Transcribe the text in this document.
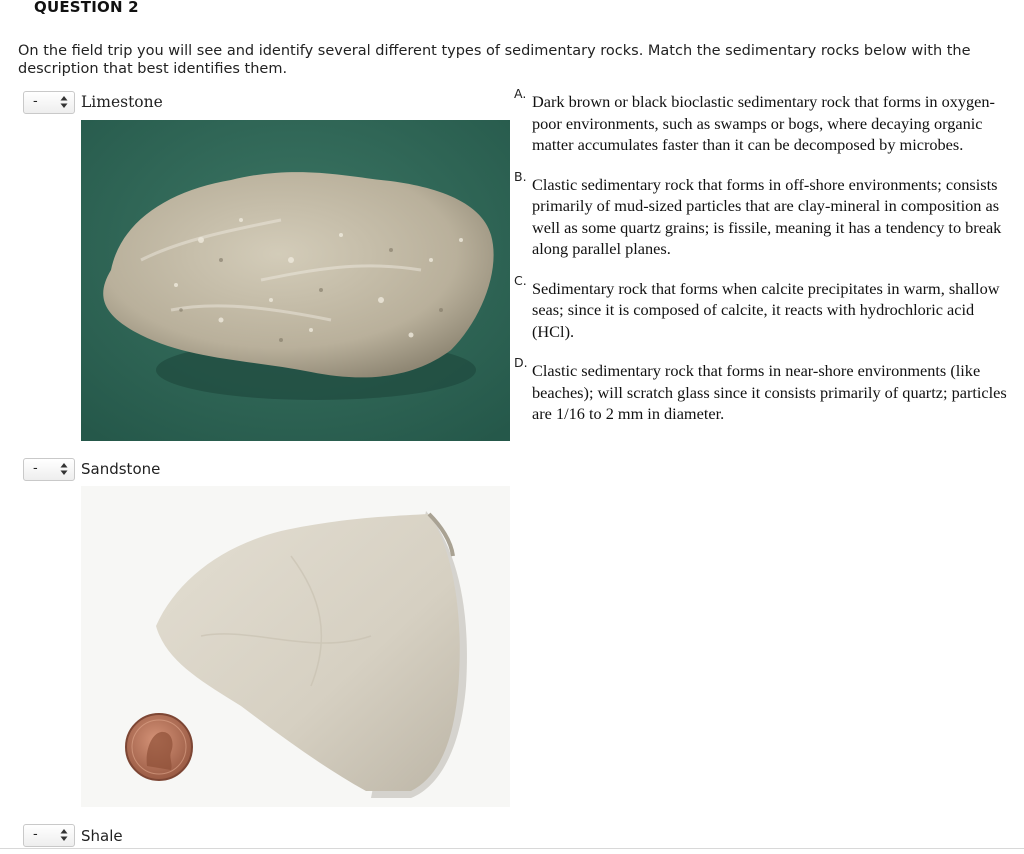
QUESTION 2
On the field trip you will see and identify several different types of sedimentary rocks. Match the sedimentary rocks below with the description that best identifies them.
-	Limestone
-	Sandstone
-	Shale
A. Dark brown or black bioclastic sedimentary rock that forms in oxygen-poor environments, such as swamps or bogs, where decaying organic matter accumulates faster than it can be decomposed by microbes.
B. Clastic sedimentary rock that forms in off-shore environments; consists primarily of mud-sized particles that are clay-mineral in composition as well as some quartz grains; is fissile, meaning it has a tendency to break along parallel planes.
C. Sedimentary rock that forms when calcite precipitates in warm, shallow seas; since it is composed of calcite, it reacts with hydrochloric acid (HCl).
D. Clastic sedimentary rock that forms in near-shore environments (like beaches); will scratch glass since it consists primarily of quartz; particles are 1/16 to 2 mm in diameter.
